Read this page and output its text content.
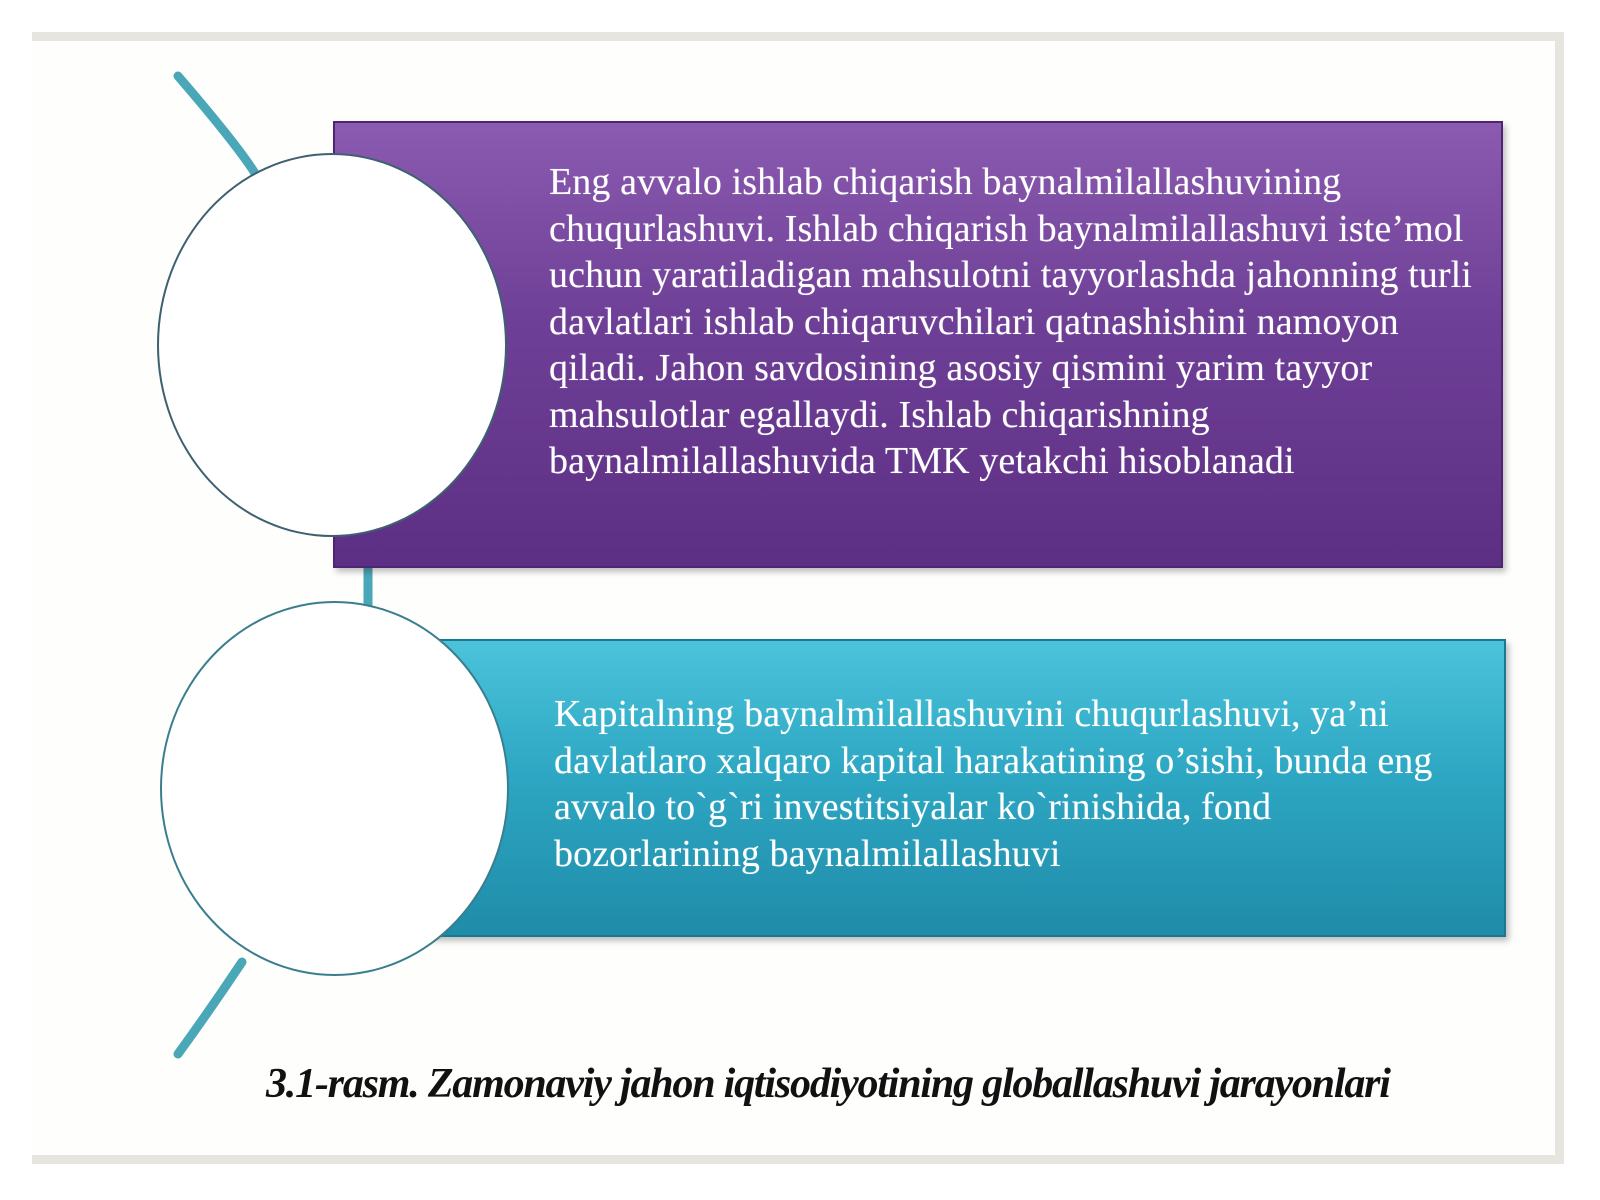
Eng avvalo ishlab chiqarish baynalmilallashuvining chuqurlashuvi. Ishlab chiqarish baynalmilallashuvi iste’mol uchun yaratiladigan mahsulotni tayyorlashda jahonning turli davlatlari ishlab chiqaruvchilari qatnashishini namoyon qiladi. Jahon savdosining asosiy qismini yarim tayyor mahsulotlar egallaydi. Ishlab chiqarishning baynalmilallashuvida TMK yetakchi hisoblanadi
Kapitalning baynalmilallashuvini chuqurlashuvi, ya’ni davlatlaro xalqaro kapital harakatining o’sishi, bunda eng avvalo to`g`ri investitsiyalar ko`rinishida, fond bozorlarining baynalmilallashuvi
3.1-rasm. Zamonaviy jahon iqtisodiyotining globallashuvi jarayonlari
